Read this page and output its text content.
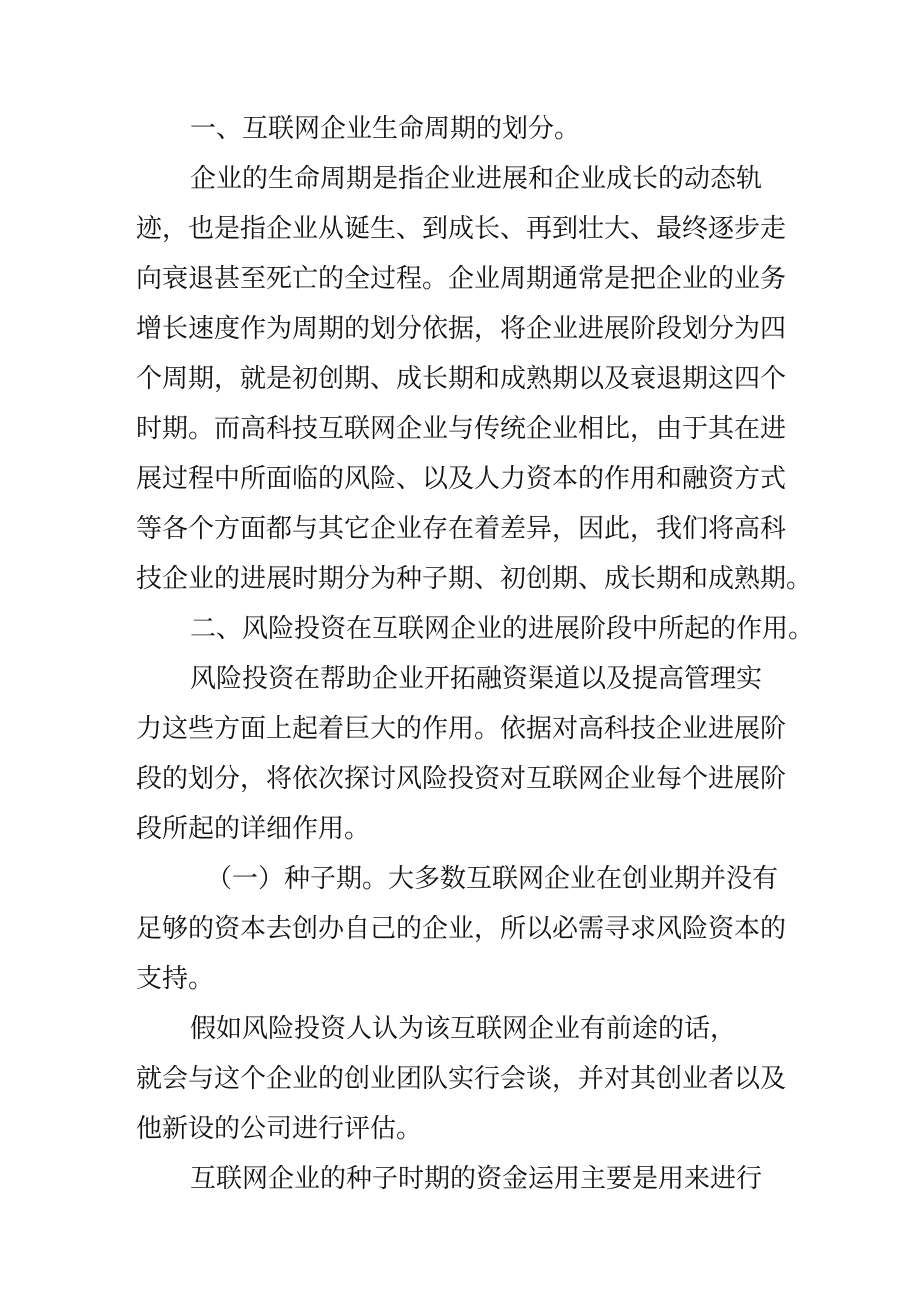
一、互联网企业生命周期的划分。
企业的生命周期是指企业进展和企业成长的动态轨
迹，也是指企业从诞生、到成长、再到壮大、最终逐步走
向衰退甚至死亡的全过程。企业周期通常是把企业的业务
增长速度作为周期的划分依据，将企业进展阶段划分为四
个周期，就是初创期、成长期和成熟期以及衰退期这四个
时期。而高科技互联网企业与传统企业相比，由于其在进
展过程中所面临的风险、以及人力资本的作用和融资方式
等各个方面都与其它企业存在着差异，因此，我们将高科
技企业的进展时期分为种子期、初创期、成长期和成熟期。
二、风险投资在互联网企业的进展阶段中所起的作用。
风险投资在帮助企业开拓融资渠道以及提高管理实
力这些方面上起着巨大的作用。依据对高科技企业进展阶
段的划分，将依次探讨风险投资对互联网企业每个进展阶
段所起的详细作用。
（一）种子期。大多数互联网企业在创业期并没有
足够的资本去创办自己的企业，所以必需寻求风险资本的
支持。
假如风险投资人认为该互联网企业有前途的话，
就会与这个企业的创业团队实行会谈，并对其创业者以及
他新设的公司进行评估。
互联网企业的种子时期的资金运用主要是用来进行
